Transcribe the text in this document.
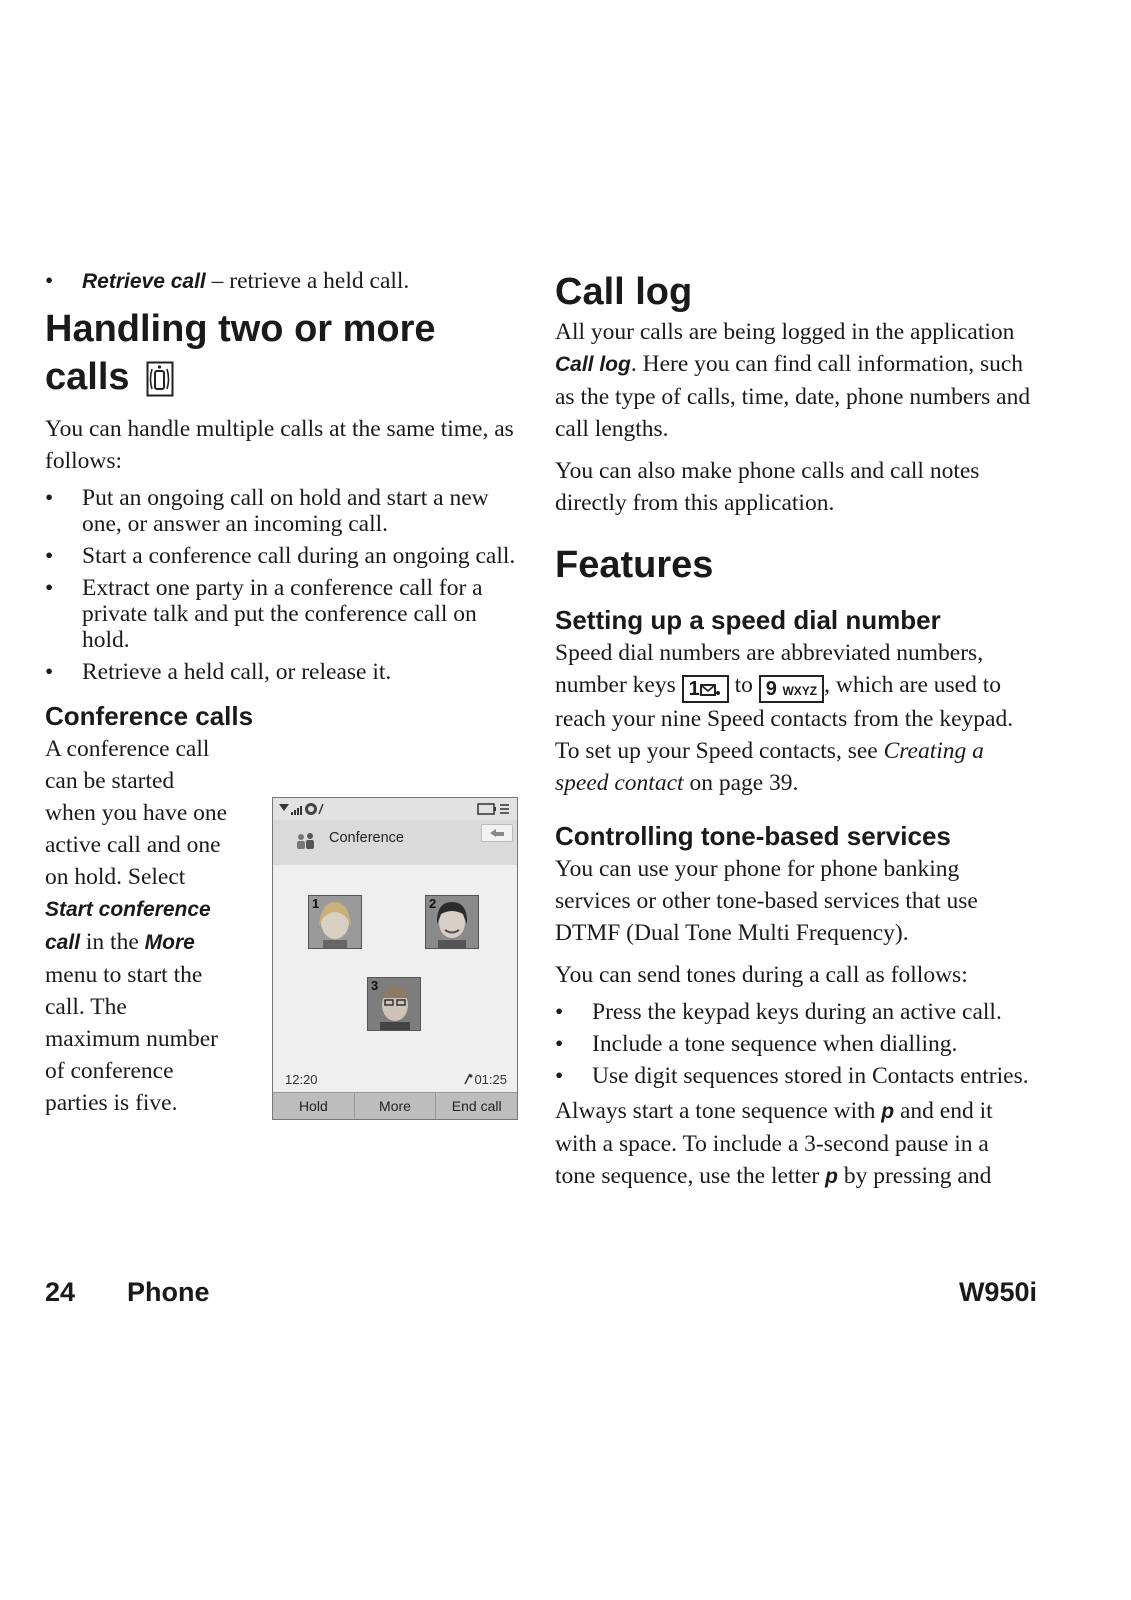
• Retrieve call – retrieve a held call.
Handling two or more calls

You can handle multiple calls at the same time, as follows:

• Put an ongoing call on hold and start a new one, or answer an incoming call.
• Start a conference call during an ongoing call.
• Extract one party in a conference call for a private talk and put the conference call on hold.
• Retrieve a held call, or release it.
Conference calls

A conference call

can be started

when you have one

active call and one

on hold. Select

Start conference

call in the More

menu to start the

call. The

maximum number

of conference

parties is five.

Conference
1	2
3
12:20	01:25
Hold	More	End call
Call log

All your calls are being logged in the application Call log. Here you can find call information, such as the type of calls, time, date, phone numbers and call lengths.

You can also make phone calls and call notes directly from this application.

Features
Setting up a speed dial number

Speed dial numbers are abbreviated numbers, number keys 1 to 9 WXYZ , which are used to reach your nine Speed contacts from the keypad. To set up your Speed contacts, see Creating a speed contact on page 39.

Controlling tone-based services

You can use your phone for phone banking services or other tone-based services that use DTMF (Dual Tone Multi Frequency).

You can send tones during a call as follows:

• Press the keypad keys during an active call.
• Include a tone sequence when dialling.
• Use digit sequences stored in Contacts entries.

Always start a tone sequence with p and end it with a space. To include a 3-second pause in a tone sequence, use the letter p by pressing and

24 Phone	W950i
